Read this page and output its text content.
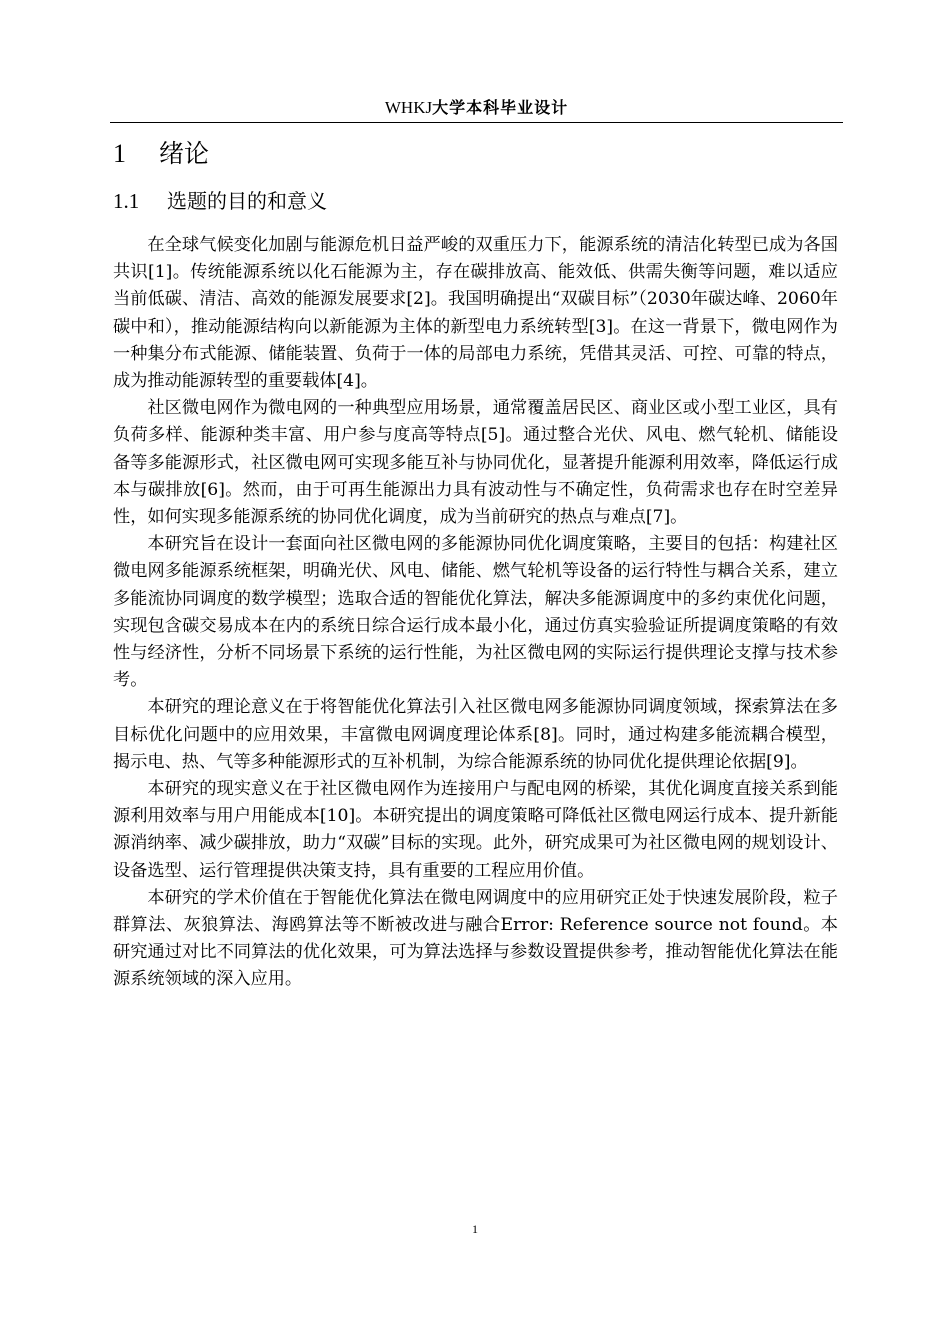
WHKJ大学本科毕业设计
1 绪论
1.1 选题的目的和意义

在全球气候变化加剧与能源危机日益严峻的双重压力下，能源系统的清洁化转型已成为各国共识[1]。传统能源系统以化石能源为主，存在碳排放高、能效低、供需失衡等问题，难以适应当前低碳、清洁、高效的能源发展要求[2]。我国明确提出“双碳目标”（2030年碳达峰、2060年碳中和），推动能源结构向以新能源为主体的新型电力系统转型[3]。在这一背景下，微电网作为一种集分布式能源、储能装置、负荷于一体的局部电力系统，凭借其灵活、可控、可靠的特点，成为推动能源转型的重要载体[4]。

社区微电网作为微电网的一种典型应用场景，通常覆盖居民区、商业区或小型工业区，具有负荷多样、能源种类丰富、用户参与度高等特点[5]。通过整合光伏、风电、燃气轮机、储能设备等多能源形式，社区微电网可实现多能互补与协同优化，显著提升能源利用效率，降低运行成本与碳排放[6]。然而，由于可再生能源出力具有波动性与不确定性，负荷需求也存在时空差异性，如何实现多能源系统的协同优化调度，成为当前研究的热点与难点[7]。

本研究旨在设计一套面向社区微电网的多能源协同优化调度策略，主要目的包括：构建社区微电网多能源系统框架，明确光伏、风电、储能、燃气轮机等设备的运行特性与耦合关系，建立多能流协同调度的数学模型；选取合适的智能优化算法，解决多能源调度中的多约束优化问题，实现包含碳交易成本在内的系统日综合运行成本最小化，通过仿真实验验证所提调度策略的有效性与经济性，分析不同场景下系统的运行性能，为社区微电网的实际运行提供理论支撑与技术参考。

本研究的理论意义在于将智能优化算法引入社区微电网多能源协同调度领域，探索算法在多目标优化问题中的应用效果，丰富微电网调度理论体系[8]。同时，通过构建多能流耦合模型，揭示电、热、气等多种能源形式的互补机制，为综合能源系统的协同优化提供理论依据[9]。

本研究的现实意义在于社区微电网作为连接用户与配电网的桥梁，其优化调度直接关系到能源利用效率与用户用能成本[10]。本研究提出的调度策略可降低社区微电网运行成本、提升新能源消纳率、减少碳排放，助力“双碳”目标的实现。此外，研究成果可为社区微电网的规划设计、设备选型、运行管理提供决策支持，具有重要的工程应用价值。

本研究的学术价值在于智能优化算法在微电网调度中的应用研究正处于快速发展阶段，粒子群算法、灰狼算法、海鸥算法等不断被改进与融合Error: Reference source not found。本研究通过对比不同算法的优化效果，可为算法选择与参数设置提供参考，推动智能优化算法在能源系统领域的深入应用。

1
